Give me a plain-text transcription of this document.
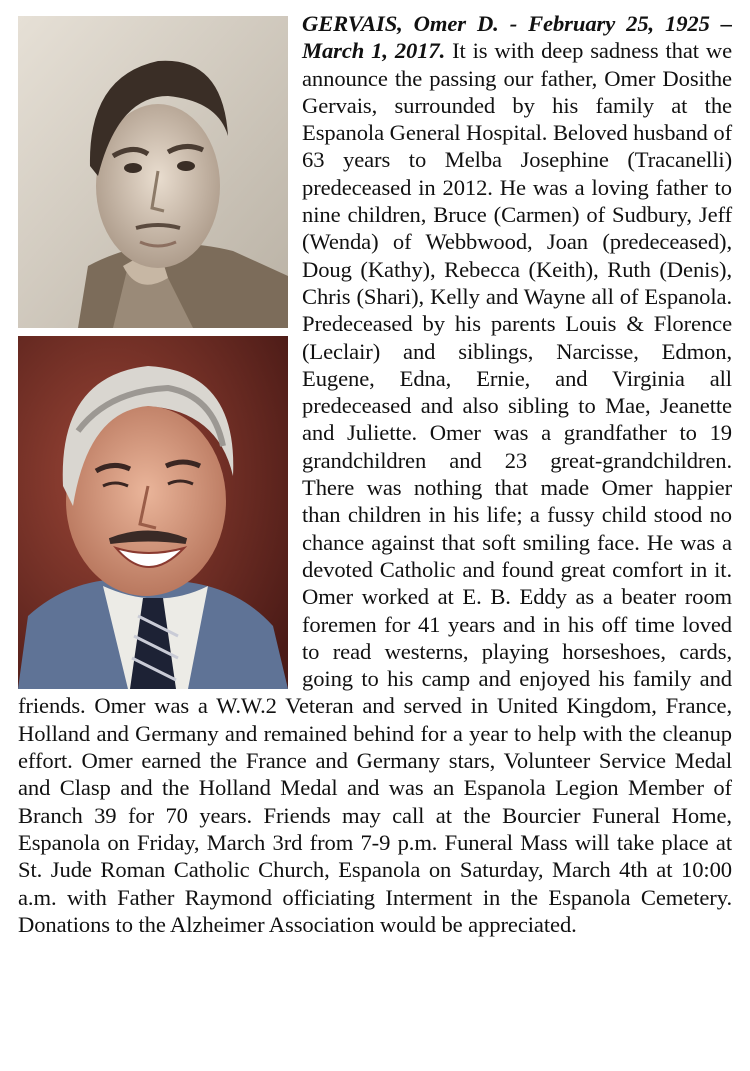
GERVAIS, Omer D. - February 25, 1925 – March 1, 2017. It is with deep sadness that we announce the passing our father, Omer Dosithe Gervais, surrounded by his family at the Espanola General Hospital. Beloved husband of 63 years to Melba Josephine (Tracanelli) predeceased in 2012. He was a loving father to nine children, Bruce (Carmen) of Sudbury, Jeff (Wenda) of Webbwood, Joan (predeceased), Doug (Kathy), Rebecca (Keith), Ruth (Denis), Chris (Shari), Kelly and Wayne all of Espanola. Predeceased by his parents Louis & Florence (Leclair) and siblings, Narcisse, Edmon, Eugene, Edna, Ernie, and Virginia all predeceased and also sibling to Mae, Jeanette and Juliette. Omer was a grandfather to 19 grandchildren and 23 great-grandchildren. There was nothing that made Omer happier than children in his life; a fussy child stood no chance against that soft smiling face. He was a devoted Catholic and found great comfort in it. Omer worked at E. B. Eddy as a beater room foremen for 41 years and in his off time loved to read westerns, playing horseshoes, cards, going to his camp and enjoyed his family and friends. Omer was a W.W.2 Veteran and served in United Kingdom, France, Holland and Germany and remained behind for a year to help with the cleanup effort. Omer earned the France and Germany stars, Volunteer Service Medal and Clasp and the Holland Medal and was an Espanola Legion Member of Branch 39 for 70 years. Friends may call at the Bourcier Funeral Home, Espanola on Friday, March 3rd from 7-9 p.m. Funeral Mass will take place at St. Jude Roman Catholic Church, Espanola on Saturday, March 4th at 10:00 a.m. with Father Raymond officiating Interment in the Espanola Cemetery. Donations to the Alzheimer Association would be appreciated.
